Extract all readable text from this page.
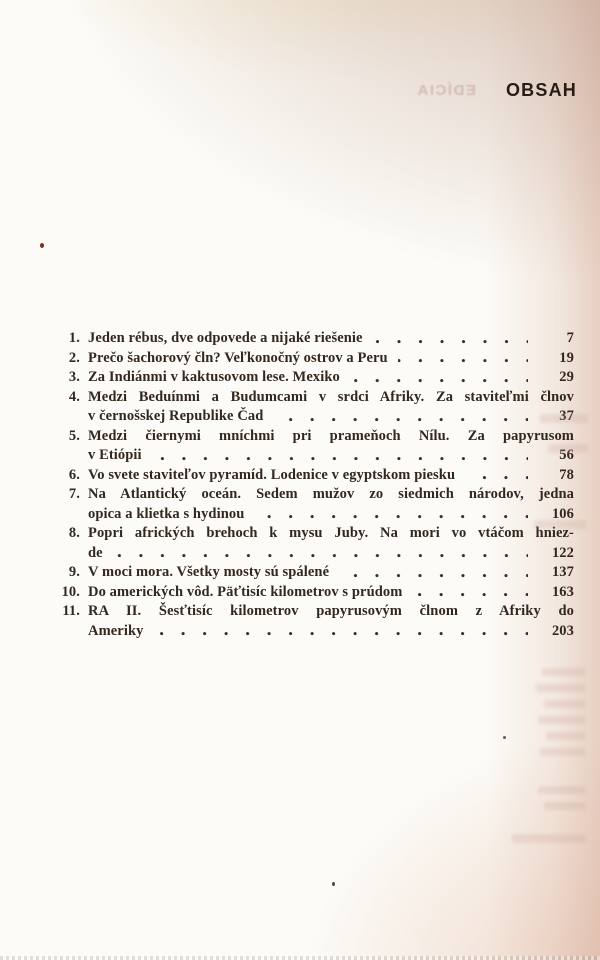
EDÍCIA OBSAH
1. Jeden rébus, dve odpovede a nijaké riešenie	7
2. Prečo šachorový čln? Veľkonočný ostrov a Peru	19
3. Za Indiánmi v kaktusovom lese. Mexiko	29
4. Medzi Beduínmi a Budumcami v srdci Afriky. Za staviteľmi člnov
v černošskej Republike Čad	37
5. Medzi čiernymi mníchmi pri prameňoch Nílu. Za papyrusom
v Etiópii	56
6. Vo svete staviteľov pyramíd. Lodenice v egyptskom piesku	78
7. Na Atlantický oceán. Sedem mužov zo siedmich národov, jedna
opica a klietka s hydinou	106
8. Popri afrických brehoch k mysu Juby. Na mori vo vtáčom hniez-
de	122
9. V moci mora. Všetky mosty sú spálené	137
10. Do amerických vôd. Päťtisíc kilometrov s prúdom	163
11. RA II. Šesťtisíc kilometrov papyrusovým člnom z Afriky do
Ameriky	203
